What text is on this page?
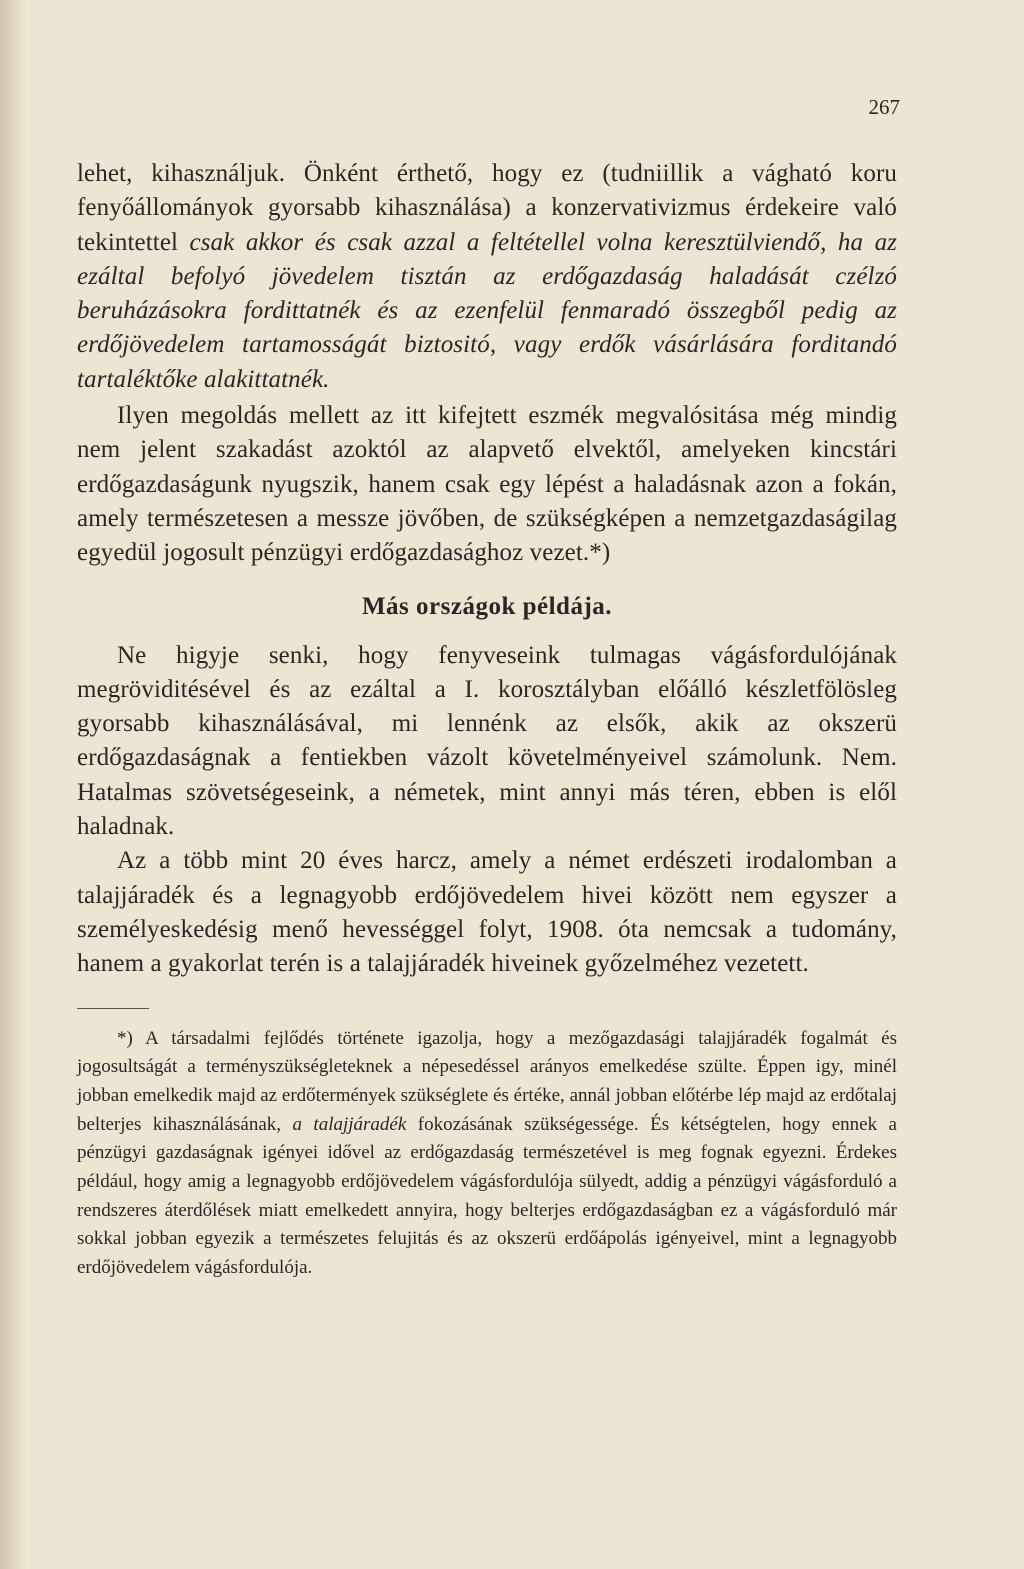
267

lehet, kihasználjuk. Önként érthető, hogy ez (tudniillik a vágható koru fenyőállományok gyorsabb kihasználása) a konzervativizmus érdekeire való tekintettel csak akkor és csak azzal a feltétellel volna keresztülviendő, ha az ezáltal befolyó jövedelem tisztán az erdőgazdaság haladását czélzó beruházásokra fordittatnék és az ezenfelül fenmaradó összegből pedig az erdőjövedelem tartamosságát biztositó, vagy erdők vásárlására forditandó tartaléktőke alakittatnék.

Ilyen megoldás mellett az itt kifejtett eszmék megvalósitása még mindig nem jelent szakadást azoktól az alapvető elvektől, amelyeken kincstári erdőgazdaságunk nyugszik, hanem csak egy lépést a haladásnak azon a fokán, amely természetesen a messze jövőben, de szükségképen a nemzetgazdaságilag egyedül jogosult pénzügyi erdőgazdasághoz vezet.*)

Más országok példája.

Ne higyje senki, hogy fenyveseink tulmagas vágásfordulójának megröviditésével és az ezáltal a I. korosztályban előálló készletfölösleg gyorsabb kihasználásával, mi lennénk az elsők, akik az okszerü erdőgazdaságnak a fentiekben vázolt követelményeivel számolunk. Nem. Hatalmas szövetségeseink, a németek, mint annyi más téren, ebben is elől haladnak.

Az a több mint 20 éves harcz, amely a német erdészeti irodalomban a talajjáradék és a legnagyobb erdőjövedelem hivei között nem egyszer a személyeskedésig menő hevességgel folyt, 1908. óta nemcsak a tudomány, hanem a gyakorlat terén is a talajjáradék hiveinek győzelméhez vezetett.

*) A társadalmi fejlődés története igazolja, hogy a mezőgazdasági talajjáradék fogalmát és jogosultságát a terményszükségleteknek a népesedéssel arányos emelkedése szülte. Éppen igy, minél jobban emelkedik majd az erdőtermények szükséglete és értéke, annál jobban előtérbe lép majd az erdőtalaj belterjes kihasználásának, a talajjáradék fokozásának szükségessége. És kétségtelen, hogy ennek a pénzügyi gazdaságnak igényei idővel az erdőgazdaság természetével is meg fognak egyezni. Érdekes például, hogy amig a legnagyobb erdőjövedelem vágásfordulója sülyedt, addig a pénzügyi vágásforduló a rendszeres áterdőlések miatt emelkedett annyira, hogy belterjes erdőgazdaságban ez a vágásforduló már sokkal jobban egyezik a természetes felujitás és az okszerü erdőápolás igényeivel, mint a legnagyobb erdőjövedelem vágásfordulója.
